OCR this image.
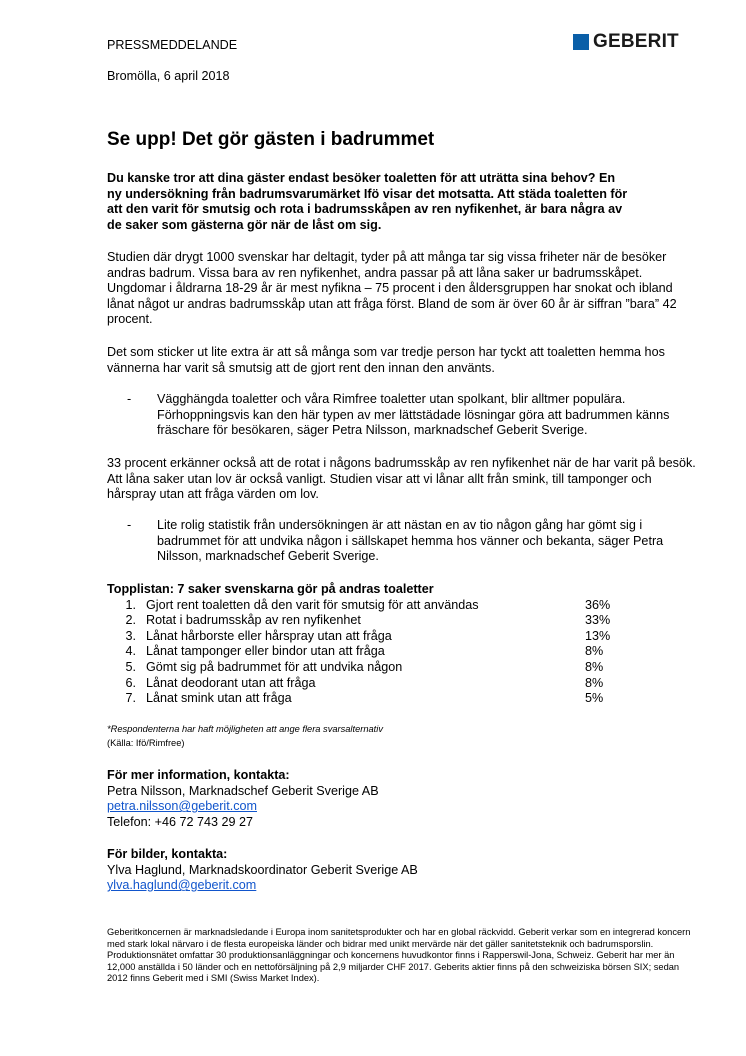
PRESSMEDDELANDE
Bromölla, 6 april 2018
Se upp! Det gör gästen i badrummet

Du kanske tror att dina gäster endast besöker toaletten för att uträtta sina behov? En ny undersökning från badrumsvarumärket Ifö visar det motsatta. Att städa toaletten för att den varit för smutsig och rota i badrumsskåpen av ren nyfikenhet, är bara några av de saker som gästerna gör när de låst om sig.

Studien där drygt 1000 svenskar har deltagit, tyder på att många tar sig vissa friheter när de besöker andras badrum. Vissa bara av ren nyfikenhet, andra passar på att låna saker ur badrumsskåpet. Ungdomar i åldrarna 18-29 år är mest nyfikna – 75 procent i den åldersgruppen har snokat och ibland lånat något ur andras badrumsskåp utan att fråga först. Bland de som är över 60 år är siffran ”bara” 42 procent.

Det som sticker ut lite extra är att så många som var tredje person har tyckt att toaletten hemma hos vännerna har varit så smutsig att de gjort rent den innan den använts.

-	Vägghängda toaletter och våra Rimfree toaletter utan spolkant, blir alltmer populära. Förhoppningsvis kan den här typen av mer lättstädade lösningar göra att badrummen känns fräschare för besökaren, säger Petra Nilsson, marknadschef Geberit Sverige.

33 procent erkänner också att de rotat i någons badrumsskåp av ren nyfikenhet när de har varit på besök. Att låna saker utan lov är också vanligt. Studien visar att vi lånar allt från smink, till tamponger och hårspray utan att fråga värden om lov.

-	Lite rolig statistik från undersökningen är att nästan en av tio någon gång har gömt sig i badrummet för att undvika någon i sällskapet hemma hos vänner och bekanta, säger Petra Nilsson, marknadschef Geberit Sverige.

Topplistan: 7 saker svenskarna gör på andras toaletter
1. Gjort rent toaletten då den varit för smutsig för att användas	36%
2. Rotat i badrumsskåp av ren nyfikenhet	33%
3. Lånat hårborste eller hårspray utan att fråga	13%
4. Lånat tamponger eller bindor utan att fråga	8%
5. Gömt sig på badrummet för att undvika någon	8%
6. Lånat deodorant utan att fråga	8%
7. Lånat smink utan att fråga	5%
*Respondenterna har haft möjligheten att ange flera svarsalternativ
(Källa: Ifö/Rimfree)
För mer information, kontakta:
Petra Nilsson, Marknadschef Geberit Sverige AB
petra.nilsson@geberit.com
Telefon: +46 72 743 29 27
För bilder, kontakta:
Ylva Haglund, Marknadskoordinator Geberit Sverige AB
ylva.haglund@geberit.com

Geberitkoncernen är marknadsledande i Europa inom sanitetsprodukter och har en global räckvidd. Geberit verkar som en integrerad koncern med stark lokal närvaro i de flesta europeiska länder och bidrar med unikt mervärde när det gäller sanitetsteknik och badrumsporslin. Produktionsnätet omfattar 30 produktionsanläggningar och koncernens huvudkontor finns i Rapperswil-Jona, Schweiz. Geberit har mer än 12,000 anställda i 50 länder och en nettoförsäljning på 2,9 miljarder CHF 2017. Geberits aktier finns på den schweiziska börsen SIX; sedan 2012 finns Geberit med i SMI (Swiss Market Index).

GEBERIT
